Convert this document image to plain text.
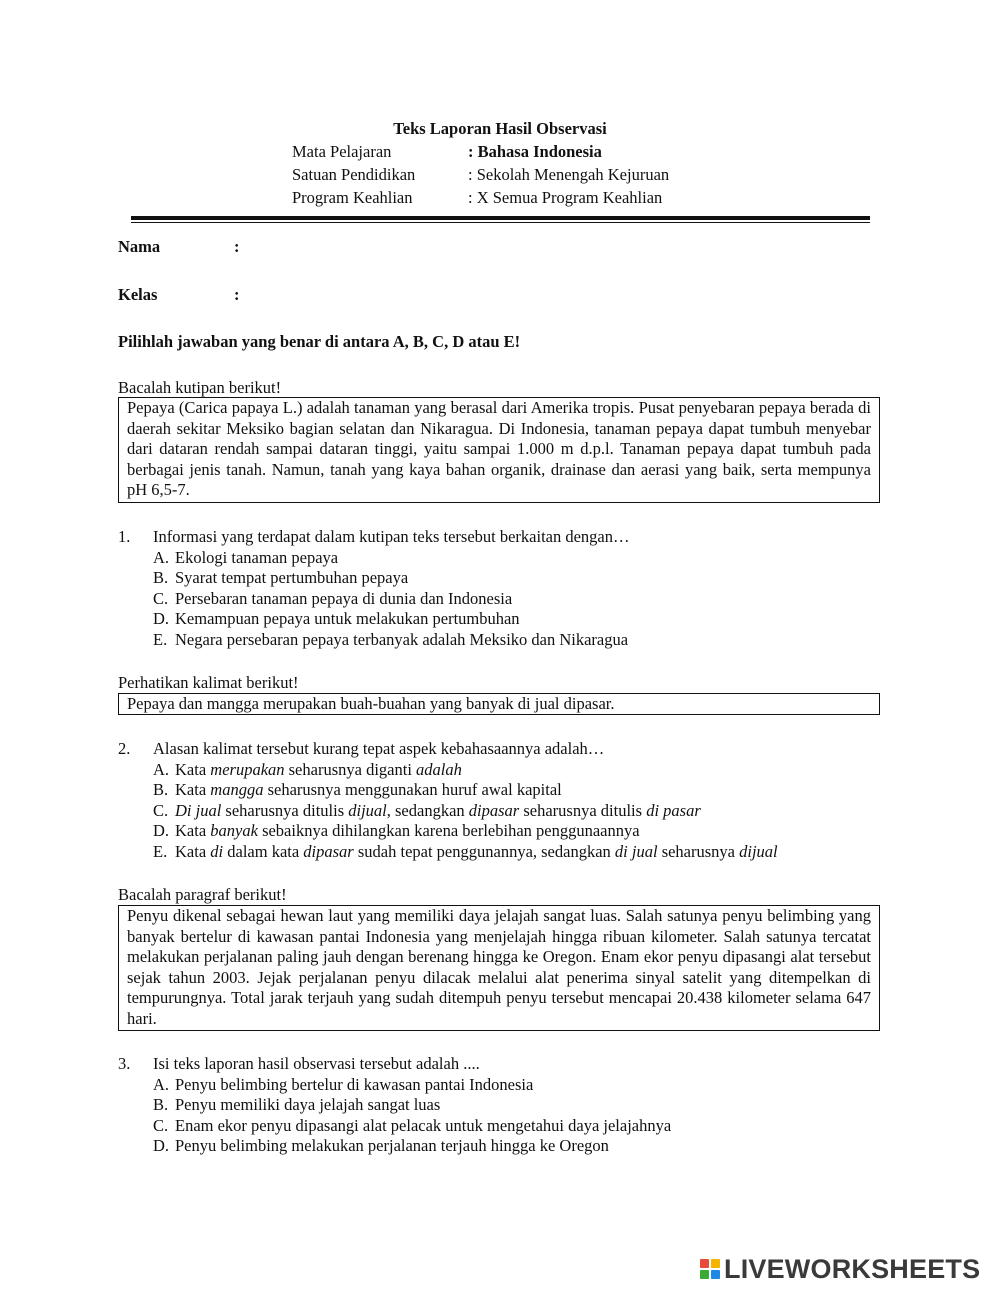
Teks Laporan Hasil Observasi
Mata Pelajaran	: Bahasa Indonesia
Satuan Pendidikan	: Sekolah Menengah Kejuruan
Program Keahlian	: X Semua Program Keahlian
Nama	:
Kelas	:
Pilihlah jawaban yang benar di antara A, B, C, D atau E!
Bacalah kutipan berikut!
Pepaya (Carica papaya L.) adalah tanaman yang berasal dari Amerika tropis. Pusat penyebaran pepaya berada di daerah sekitar Meksiko bagian selatan dan Nikaragua. Di Indonesia, tanaman pepaya dapat tumbuh menyebar dari dataran rendah sampai dataran tinggi, yaitu sampai 1.000 m d.p.l. Tanaman pepaya dapat tumbuh pada berbagai jenis tanah. Namun, tanah yang kaya bahan organik, drainase dan aerasi yang baik, serta mempunya pH 6,5-7.
1. Informasi yang terdapat dalam kutipan teks tersebut berkaitan dengan…
A. Ekologi tanaman pepaya
B. Syarat tempat pertumbuhan pepaya
C. Persebaran tanaman pepaya di dunia dan Indonesia
D. Kemampuan pepaya untuk melakukan pertumbuhan
E. Negara persebaran pepaya terbanyak adalah Meksiko dan Nikaragua
Perhatikan kalimat berikut!
Pepaya dan mangga merupakan buah-buahan yang banyak di jual dipasar.
2. Alasan kalimat tersebut kurang tepat aspek kebahasaannya adalah…
A. Kata merupakan seharusnya diganti adalah
B. Kata mangga seharusnya menggunakan huruf awal kapital
C. Di jual seharusnya ditulis dijual, sedangkan dipasar seharusnya ditulis di pasar
D. Kata banyak sebaiknya dihilangkan karena berlebihan penggunaannya
E. Kata di dalam kata dipasar sudah tepat penggunannya, sedangkan di jual seharusnya dijual
Bacalah paragraf berikut!
Penyu dikenal sebagai hewan laut yang memiliki daya jelajah sangat luas. Salah satunya penyu belimbing yang banyak bertelur di kawasan pantai Indonesia yang menjelajah hingga ribuan kilometer. Salah satunya tercatat melakukan perjalanan paling jauh dengan berenang hingga ke Oregon. Enam ekor penyu dipasangi alat tersebut sejak tahun 2003. Jejak perjalanan penyu dilacak melalui alat penerima sinyal satelit yang ditempelkan di tempurungnya. Total jarak terjauh yang sudah ditempuh penyu tersebut mencapai 20.438 kilometer selama 647 hari.
3. Isi teks laporan hasil observasi tersebut adalah ....
A. Penyu belimbing bertelur di kawasan pantai Indonesia
B. Penyu memiliki daya jelajah sangat luas
C. Enam ekor penyu dipasangi alat pelacak untuk mengetahui daya jelajahnya
D. Penyu belimbing melakukan perjalanan terjauh hingga ke Oregon
LIVEWORKSHEETS
